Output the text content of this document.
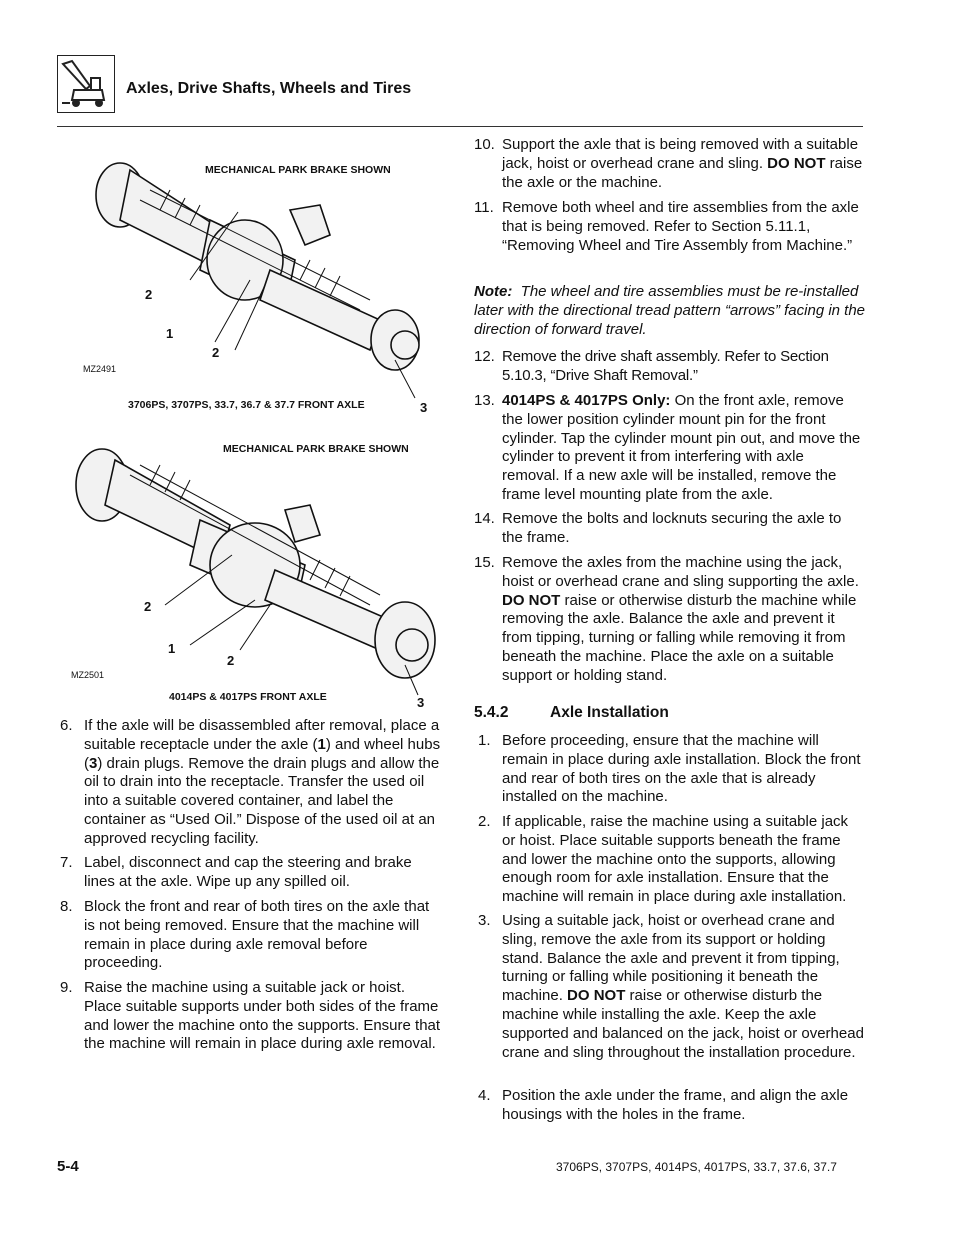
Axles, Drive Shafts, Wheels and Tires
MECHANICAL PARK BRAKE SHOWN
2
1
2
3
MZ2491
3706PS, 3707PS, 33.7, 36.7 & 37.7 FRONT AXLE
MECHANICAL PARK BRAKE SHOWN
2
1
2
3
MZ2501
4014PS & 4017PS FRONT AXLE
6. If the axle will be disassembled after removal, place a suitable receptacle under the axle (1) and wheel hubs (3) drain plugs. Remove the drain plugs and allow the oil to drain into the receptacle. Transfer the used oil into a suitable covered container, and label the container as “Used Oil.” Dispose of the used oil at an approved recycling facility.
7. Label, disconnect and cap the steering and brake lines at the axle. Wipe up any spilled oil.
8. Block the front and rear of both tires on the axle that is not being removed. Ensure that the machine will remain in place during axle removal before proceeding.
9. Raise the machine using a suitable jack or hoist. Place suitable supports under both sides of the frame and lower the machine onto the supports. Ensure that the machine will remain in place during axle removal.
10. Support the axle that is being removed with a suitable jack, hoist or overhead crane and sling. DO NOT raise the axle or the machine.
11. Remove both wheel and tire assemblies from the axle that is being removed. Refer to Section 5.11.1, “Removing Wheel and Tire Assembly from Machine.”
Note: The wheel and tire assemblies must be re-installed later with the directional tread pattern “arrows” facing in the direction of forward travel.
12. Remove the drive shaft assembly. Refer to Section 5.10.3, “Drive Shaft Removal.”
13. 4014PS & 4017PS Only: On the front axle, remove the lower position cylinder mount pin for the front cylinder. Tap the cylinder mount pin out, and move the cylinder to prevent it from interfering with axle removal. If a new axle will be installed, remove the frame level mounting plate from the axle.
14. Remove the bolts and locknuts securing the axle to the frame.
15. Remove the axles from the machine using the jack, hoist or overhead crane and sling supporting the axle. DO NOT raise or otherwise disturb the machine while removing the axle. Balance the axle and prevent it from tipping, turning or falling while removing it from beneath the machine. Place the axle on a suitable support or holding stand.
5.4.2	Axle Installation
1. Before proceeding, ensure that the machine will remain in place during axle installation. Block the front and rear of both tires on the axle that is already installed on the machine.
2. If applicable, raise the machine using a suitable jack or hoist. Place suitable supports beneath the frame and lower the machine onto the supports, allowing enough room for axle installation. Ensure that the machine will remain in place during axle installation.
3. Using a suitable jack, hoist or overhead crane and sling, remove the axle from its support or holding stand. Balance the axle and prevent it from tipping, turning or falling while positioning it beneath the machine. DO NOT raise or otherwise disturb the machine while installing the axle. Keep the axle supported and balanced on the jack, hoist or overhead crane and sling throughout the installation procedure.
4. Position the axle under the frame, and align the axle housings with the holes in the frame.
5-4	3706PS, 3707PS, 4014PS, 4017PS, 33.7, 37.6, 37.7
